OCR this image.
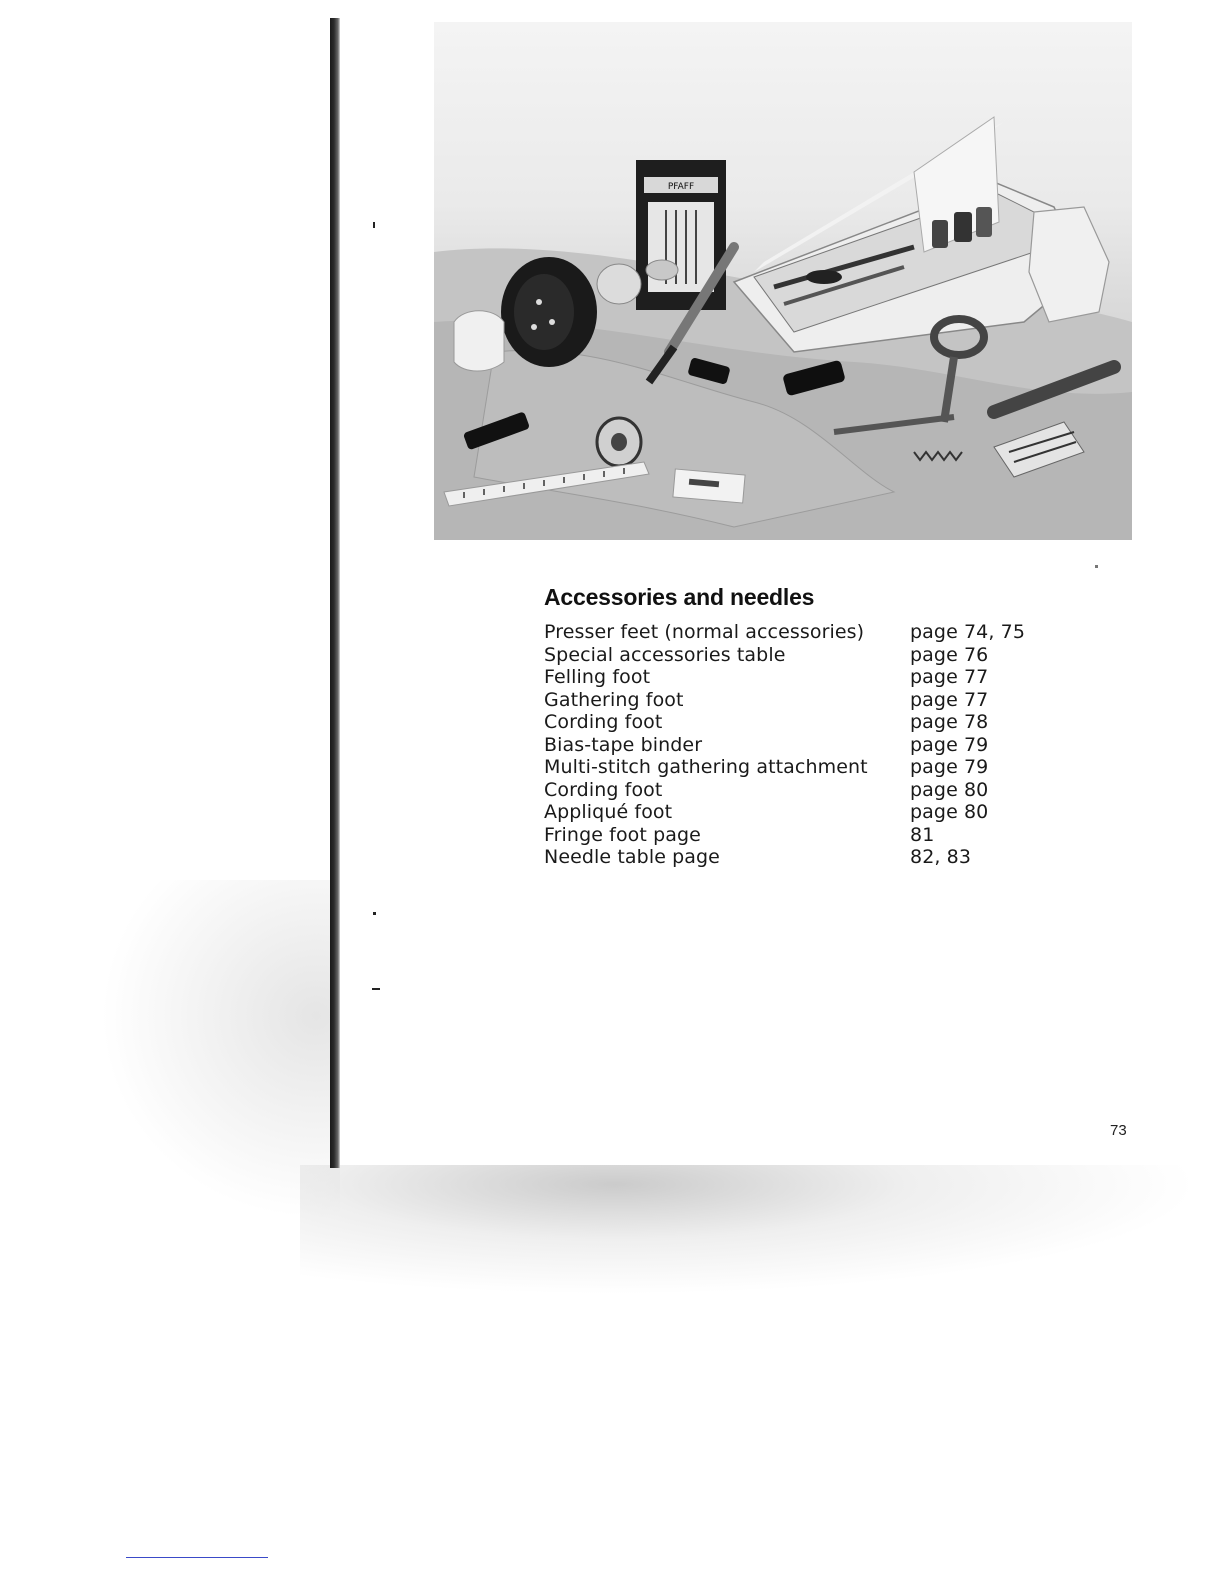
PFAFF
Accessories and needles
Presser feet (normal accessories)	page 74, 75
Special accessories table	page 76
Felling foot	page 77
Gathering foot	page 77
Cording foot	page 78
Bias-tape binder	page 79
Multi-stitch gathering attachment	page 79
Cording foot	page 80
Appliqué foot	page 80
Fringe foot page	81
Needle table page	82, 83
73
